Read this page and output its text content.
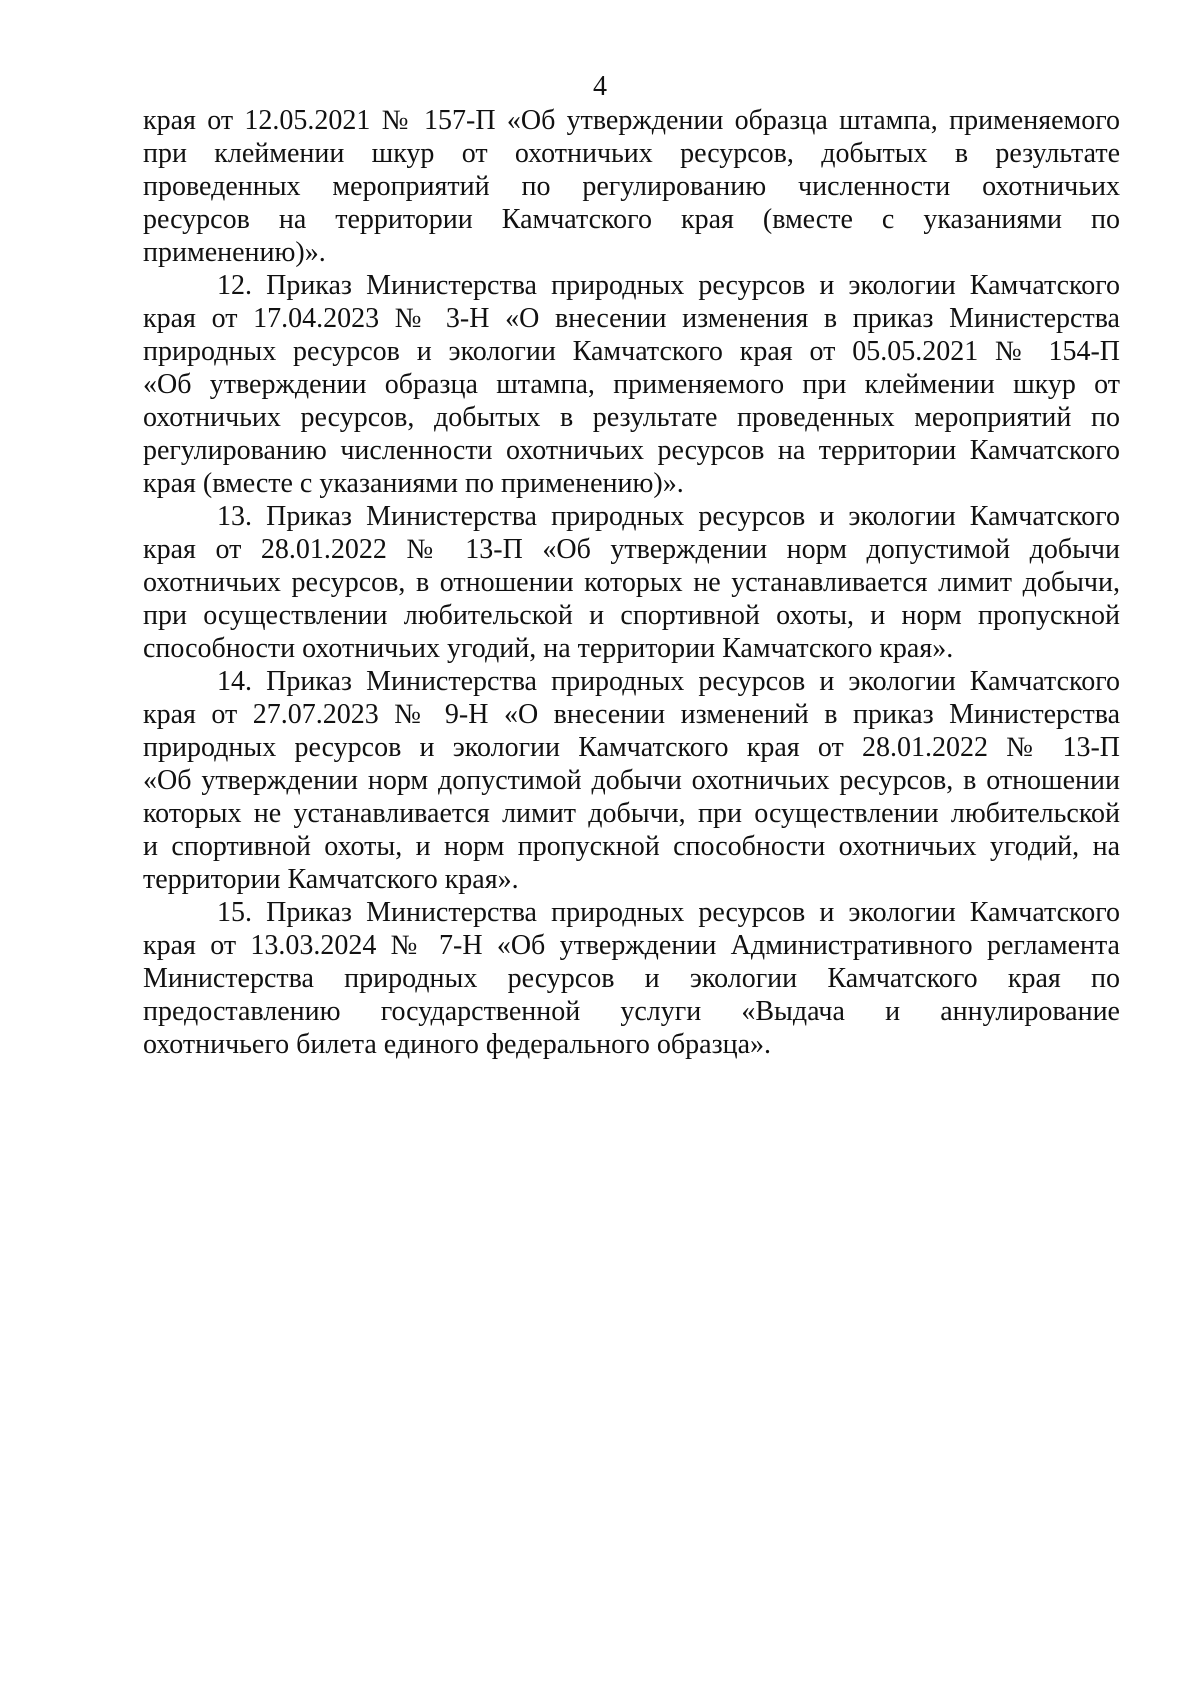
4

края от 12.05.2021 № 157-П «Об утверждении образца штампа, применяемого
при клеймении шкур от охотничьих ресурсов, добытых в результате
проведенных мероприятий по регулированию численности охотничьих
ресурсов на территории Камчатского края (вместе с указаниями по
применению)».

12. Приказ Министерства природных ресурсов и экологии Камчатского
края от 17.04.2023 № 3-Н «О внесении изменения в приказ Министерства
природных ресурсов и экологии Камчатского края от 05.05.2021 № 154-П
«Об утверждении образца штампа, применяемого при клеймении шкур от
охотничьих ресурсов, добытых в результате проведенных мероприятий по
регулированию численности охотничьих ресурсов на территории Камчатского
края (вместе с указаниями по применению)».

13. Приказ Министерства природных ресурсов и экологии Камчатского
края от 28.01.2022 № 13-П «Об утверждении норм допустимой добычи
охотничьих ресурсов, в отношении которых не устанавливается лимит добычи,
при осуществлении любительской и спортивной охоты, и норм пропускной
способности охотничьих угодий, на территории Камчатского края».

14. Приказ Министерства природных ресурсов и экологии Камчатского
края от 27.07.2023 № 9-Н «О внесении изменений в приказ Министерства
природных ресурсов и экологии Камчатского края от 28.01.2022 № 13-П
«Об утверждении норм допустимой добычи охотничьих ресурсов, в отношении
которых не устанавливается лимит добычи, при осуществлении любительской
и спортивной охоты, и норм пропускной способности охотничьих угодий, на
территории Камчатского края».

15. Приказ Министерства природных ресурсов и экологии Камчатского
края от 13.03.2024 № 7-Н «Об утверждении Административного регламента
Министерства природных ресурсов и экологии Камчатского края по
предоставлению государственной услуги «Выдача и аннулирование
охотничьего билета единого федерального образца».
